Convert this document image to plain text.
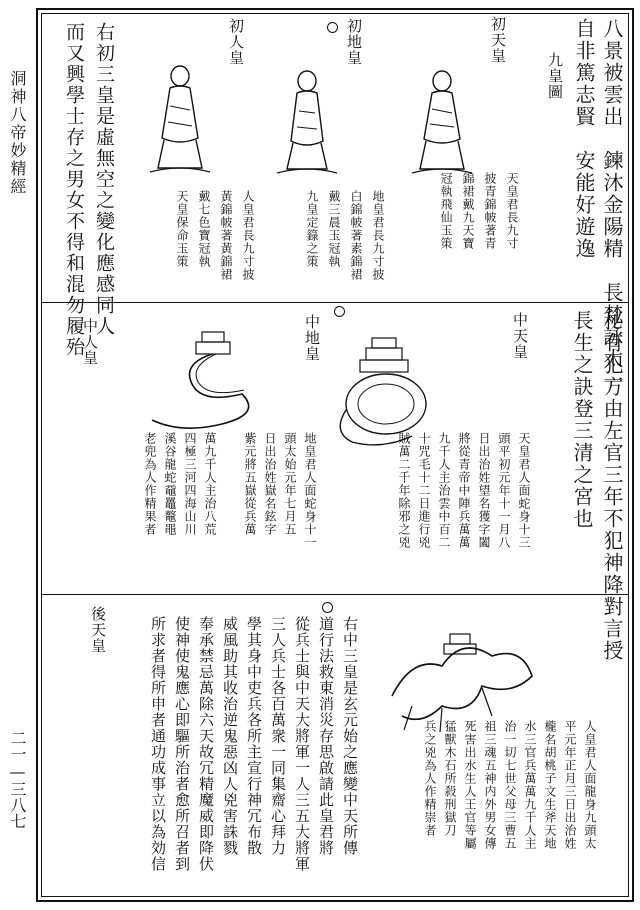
洞神八帝妙精經
二一—三八七
八景被雲出　鍊沐金陽精　長梵詠太一
自非篤志賢　安能好遊逸
九皇圖
初天皇
天皇君長九寸
披青錦帔著青
錦裙戴九天寶
冠執飛仙玉策
初地皇
地皇君長九寸披
白錦帔著素錦裙
戴三晨玉冠執
九皇定籙之策
初人皇
人皇君長九寸披
黃錦帔著黃錦裙
戴七色寶冠執
天皇保命玉策
右初三皇是虛無空之變化應感同人
而又興學士存之男女不得和混勿履殆
秘有犯方由左官三年不犯神降對言授
長生之訣登三清之宮也
中天皇
天皇君人面蛇身十三
頭平初元年十一月八
日出治姓望名獲字闔
將從青帝中陣兵萬萬
九千人主治雲中百二
十咒毛十二日進行兇
賊萬二千年除邪之兇
中地皇
地皇君人面蛇身十一
頭太始元年七月五
日出治姓嶽名鉉字
紫元將五嶽從兵萬
中人皇
萬九千人主治八荒
四極三河四海山川
溪谷龍蛇黿鼉鼇黽
老兜為人作精果者
人皇君人面龍身九頭太
平元年正月三日出治姓
櫳名胡桃子文生斧天地
水三官兵萬萬九千人主
治一切七世父母三曹五
祖三魂五神内外男女傳
死害出水生人王官等屬
猛獸木石所殺刑獄刀
兵之兇為人作精崇者
右中三皇是玄元始之應變中天所傳
道行法救東消災存思啟請此皇君將
從兵士與中天大將軍一人三五大將軍
三人兵士各百萬衆一同集齋心拜力
學其身中吏兵各所主宣行神冗布散
威風助其收治逆鬼惡凶人兇害誅戮
奉承禁忌萬除六天故冗精魔威即降伏
使神使鬼應心即驅所治者愈所召者到
所求者得所申者通功成事立以為効信
後天皇
